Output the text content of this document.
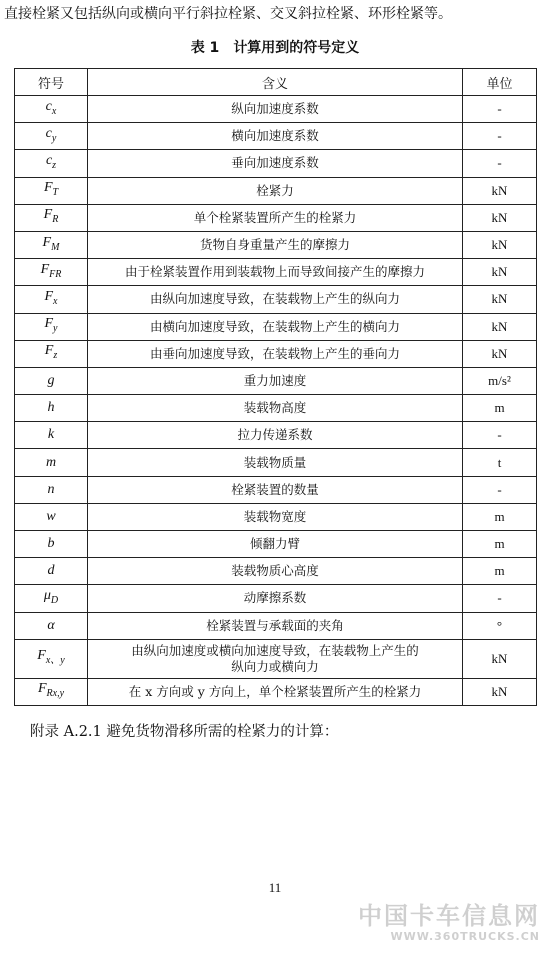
直接栓紧又包括纵向或横向平行斜拉栓紧、交叉斜拉栓紧、环形栓紧等。
表 1 计算用到的符号定义
符号	含义	单位
$c_x$	纵向加速度系数	-
$c_y$	横向加速度系数	-
$c_z$	垂向加速度系数	-
$F_T$	栓紧力	kN
$F_R$	单个栓紧装置所产生的栓紧力	kN
$F_M$	货物自身重量产生的摩擦力	kN
$F_{FR}$	由于栓紧装置作用到装载物上而导致间接产生的摩擦力	kN
$F_x$	由纵向加速度导致，在装载物上产生的纵向力	kN
$F_y$	由横向加速度导致，在装载物上产生的横向力	kN
$F_z$	由垂向加速度导致，在装载物上产生的垂向力	kN
g	重力加速度	m/s²
h	装载物高度	m
k	拉力传递系数	-
m	装载物质量	t
n	栓紧装置的数量	-
w	装载物宽度	m
b	倾翻力臂	m
d	装载物质心高度	m
$\mu_D$	动摩擦系数	-
α	栓紧装置与承载面的夹角	°
$F_{x、y}$	由纵向加速度或横向加速度导致，在装载物上产生的纵向力或横向力	kN
$F_{Rx,y}$	在 x 方向或 y 方向上，单个栓紧装置所产生的栓紧力	kN
附录 A.2.1 避免货物滑移所需的栓紧力的计算：
11
中国卡车信息网
WWW.360TRUCKS.CN
